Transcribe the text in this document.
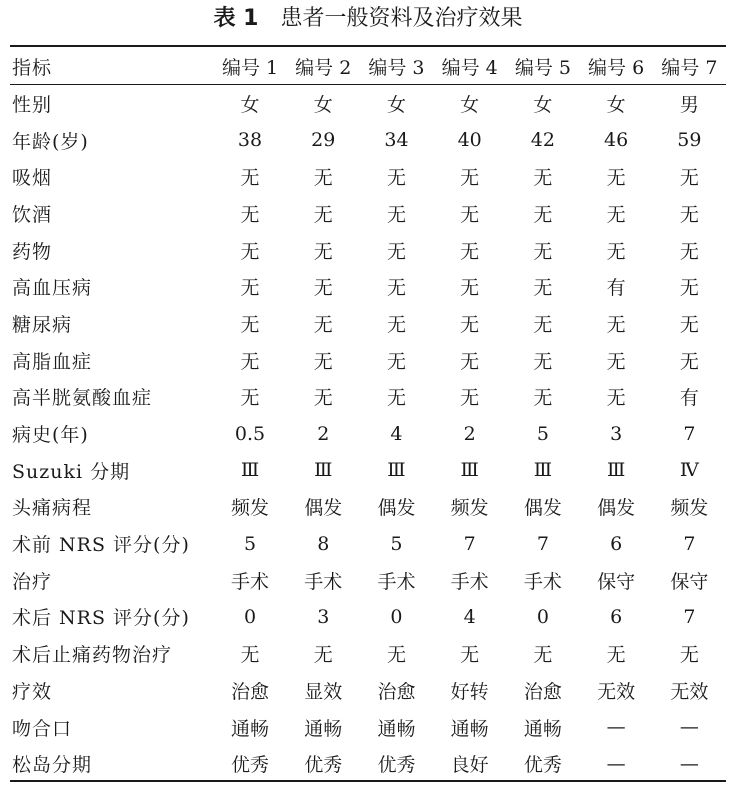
表 1 患者一般资料及治疗效果
指标	编号 1	编号 2	编号 3	编号 4	编号 5	编号 6	编号 7
性别	女	女	女	女	女	女	男
年龄(岁)	38	29	34	40	42	46	59
吸烟	无	无	无	无	无	无	无
饮酒	无	无	无	无	无	无	无
药物	无	无	无	无	无	无	无
高血压病	无	无	无	无	无	有	无
糖尿病	无	无	无	无	无	无	无
高脂血症	无	无	无	无	无	无	无
高半胱氨酸血症	无	无	无	无	无	无	有
病史(年)	0.5	2	4	2	5	3	7
Suzuki 分期	Ⅲ	Ⅲ	Ⅲ	Ⅲ	Ⅲ	Ⅲ	Ⅳ
头痛病程	频发	偶发	偶发	频发	偶发	偶发	频发
术前 NRS 评分(分)	5	8	5	7	7	6	7
治疗	手术	手术	手术	手术	手术	保守	保守
术后 NRS 评分(分)	0	3	0	4	0	6	7
术后止痛药物治疗	无	无	无	无	无	无	无
疗效	治愈	显效	治愈	好转	治愈	无效	无效
吻合口	通畅	通畅	通畅	通畅	通畅	—	—
松岛分期	优秀	优秀	优秀	良好	优秀	—	—
